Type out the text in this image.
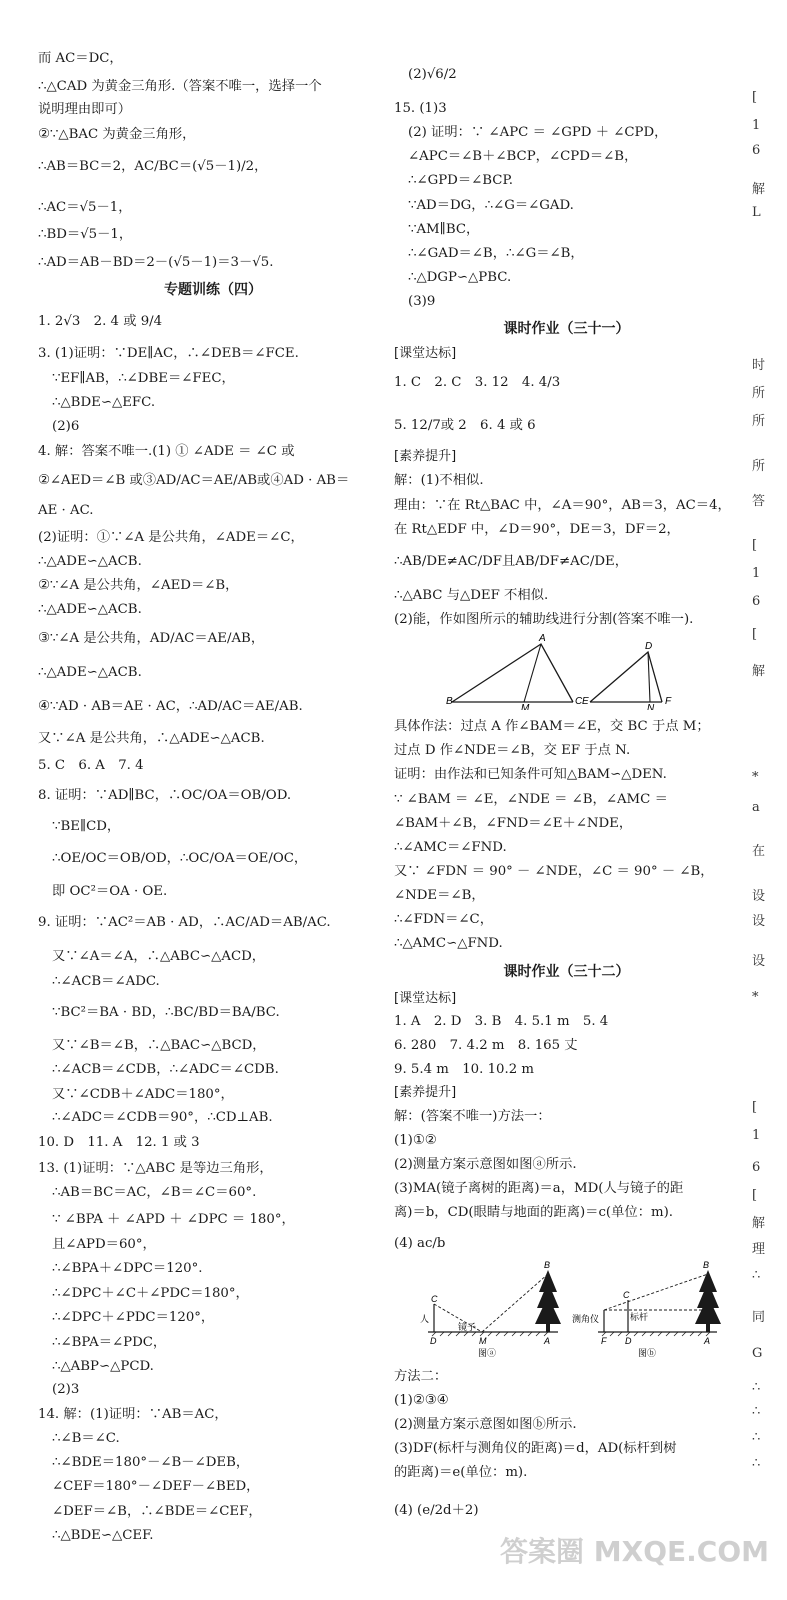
而 AC＝DC，
∴△CAD 为黄金三角形.（答案不唯一，选择一个
说明理由即可）
②∵△BAC 为黄金三角形，
∴AB＝BC＝2，AC/BC＝(√5－1)/2，
∴AC＝√5－1，
∴BD＝√5－1，
∴AD＝AB－BD＝2－(√5－1)＝3－√5.
专题训练（四）
1. 2√3　2. 4 或 9/4
3. (1)证明：∵DE∥AC，∴∠DEB＝∠FCE.
∵EF∥AB，∴∠DBE＝∠FEC，
∴△BDE∽△EFC.
(2)6
4. 解：答案不唯一.(1) ① ∠ADE ＝ ∠C 或
②∠AED＝∠B 或③AD/AC＝AE/AB或④AD · AB＝
AE · AC.
(2)证明：①∵∠A 是公共角，∠ADE＝∠C，
∴△ADE∽△ACB.
②∵∠A 是公共角，∠AED＝∠B，
∴△ADE∽△ACB.
③∵∠A 是公共角，AD/AC＝AE/AB，
∴△ADE∽△ACB.
④∵AD · AB＝AE · AC，∴AD/AC＝AE/AB.
又∵∠A 是公共角，∴△ADE∽△ACB.
5. C　6. A　7. 4
8. 证明：∵AD∥BC，∴OC/OA＝OB/OD.
∵BE∥CD，
∴OE/OC＝OB/OD，∴OC/OA＝OE/OC，
即 OC²＝OA · OE.
9. 证明：∵AC²＝AB · AD，∴AC/AD＝AB/AC.
又∵∠A＝∠A，∴△ABC∽△ACD，
∴∠ACB＝∠ADC.
∵BC²＝BA · BD，∴BC/BD＝BA/BC.
又∵∠B＝∠B，∴△BAC∽△BCD，
∴∠ACB＝∠CDB，∴∠ADC＝∠CDB.
又∵∠CDB＋∠ADC＝180°，
∴∠ADC＝∠CDB＝90°，∴CD⊥AB.
10. D　11. A　12. 1 或 3
13. (1)证明：∵△ABC 是等边三角形，
∴AB＝BC＝AC，∠B＝∠C＝60°.
∵ ∠BPA ＋ ∠APD ＋ ∠DPC ＝ 180°，
且∠APD＝60°，
∴∠BPA＋∠DPC＝120°.
∴∠DPC＋∠C＋∠PDC＝180°，
∴∠DPC＋∠PDC＝120°，
∴∠BPA＝∠PDC，
∴△ABP∽△PCD.
(2)3
14. 解：(1)证明：∵AB＝AC，
∴∠B＝∠C.
∴∠BDE＝180°－∠B－∠DEB，
∠CEF＝180°－∠DEF－∠BED，
∠DEF＝∠B，∴∠BDE＝∠CEF，
∴△BDE∽△CEF.
(2)√6/2
15. (1)3
(2) 证明：∵ ∠APC ＝ ∠GPD ＋ ∠CPD，
∠APC＝∠B＋∠BCP，∠CPD＝∠B，
∴∠GPD＝∠BCP.
∵AD＝DG，∴∠G＝∠GAD.
∵AM∥BC，
∴∠GAD＝∠B，∴∠G＝∠B，
∴△DGP∽△PBC.
(3)9
课时作业（三十一）
[课堂达标]
1. C　2. C　3. 12　4. 4/3
5. 12/7或 2　6. 4 或 6
[素养提升]
解：(1)不相似.
理由：∵在 Rt△BAC 中，∠A＝90°，AB＝3，AC＝4，
在 Rt△EDF 中，∠D＝90°，DE＝3，DF＝2，
∴AB/DE≠AC/DF且AB/DF≠AC/DE，
∴△ABC 与△DEF 不相似.
(2)能，作如图所示的辅助线进行分割(答案不唯一).
A
B
M
C E
D
N
F
具体作法：过点 A 作∠BAM＝∠E，交 BC 于点 M；
过点 D 作∠NDE＝∠B，交 EF 于点 N.
证明：由作法和已知条件可知△BAM∽△DEN.
∵ ∠BAM ＝ ∠E，∠NDE ＝ ∠B，∠AMC ＝
∠BAM＋∠B，∠FND＝∠E＋∠NDE，
∴∠AMC＝∠FND.
又∵ ∠FDN ＝ 90° － ∠NDE，∠C ＝ 90° － ∠B，
∠NDE＝∠B，
∴∠FDN＝∠C，
∴△AMC∽△FND.
课时作业（三十二）
[课堂达标]
1. A　2. D　3. B　4. 5.1 m　5. 4
6. 280　7. 4.2 m　8. 165 丈
9. 5.4 m　10. 10.2 m
[素养提升]
解：(答案不唯一)方法一：
(1)①②
(2)测量方案示意图如图ⓐ所示.
(3)MA(镜子离树的距离)＝a，MD(人与镜子的距
离)＝b，CD(眼睛与地面的距离)＝c(单位：m).
(4) ac/b
C
B
D	M	A
人
镜子
图ⓐ
C
B
F D	A
测角仪	标杆
图ⓑ
方法二：
(1)②③④
(2)测量方案示意图如图ⓑ所示.
(3)DF(标杆与测角仪的距离)＝d，AD(标杆到树
的距离)＝e(单位：m).
(4) (e/2d＋2)
[
1
6
解
L
时
所
所
所
答
[
1
6
[
解
*
a
在
设
设
设
*
[
1
6
[
解
理
∴
同
G
∴
∴
∴
∴
答案圈 MXQE.COM
